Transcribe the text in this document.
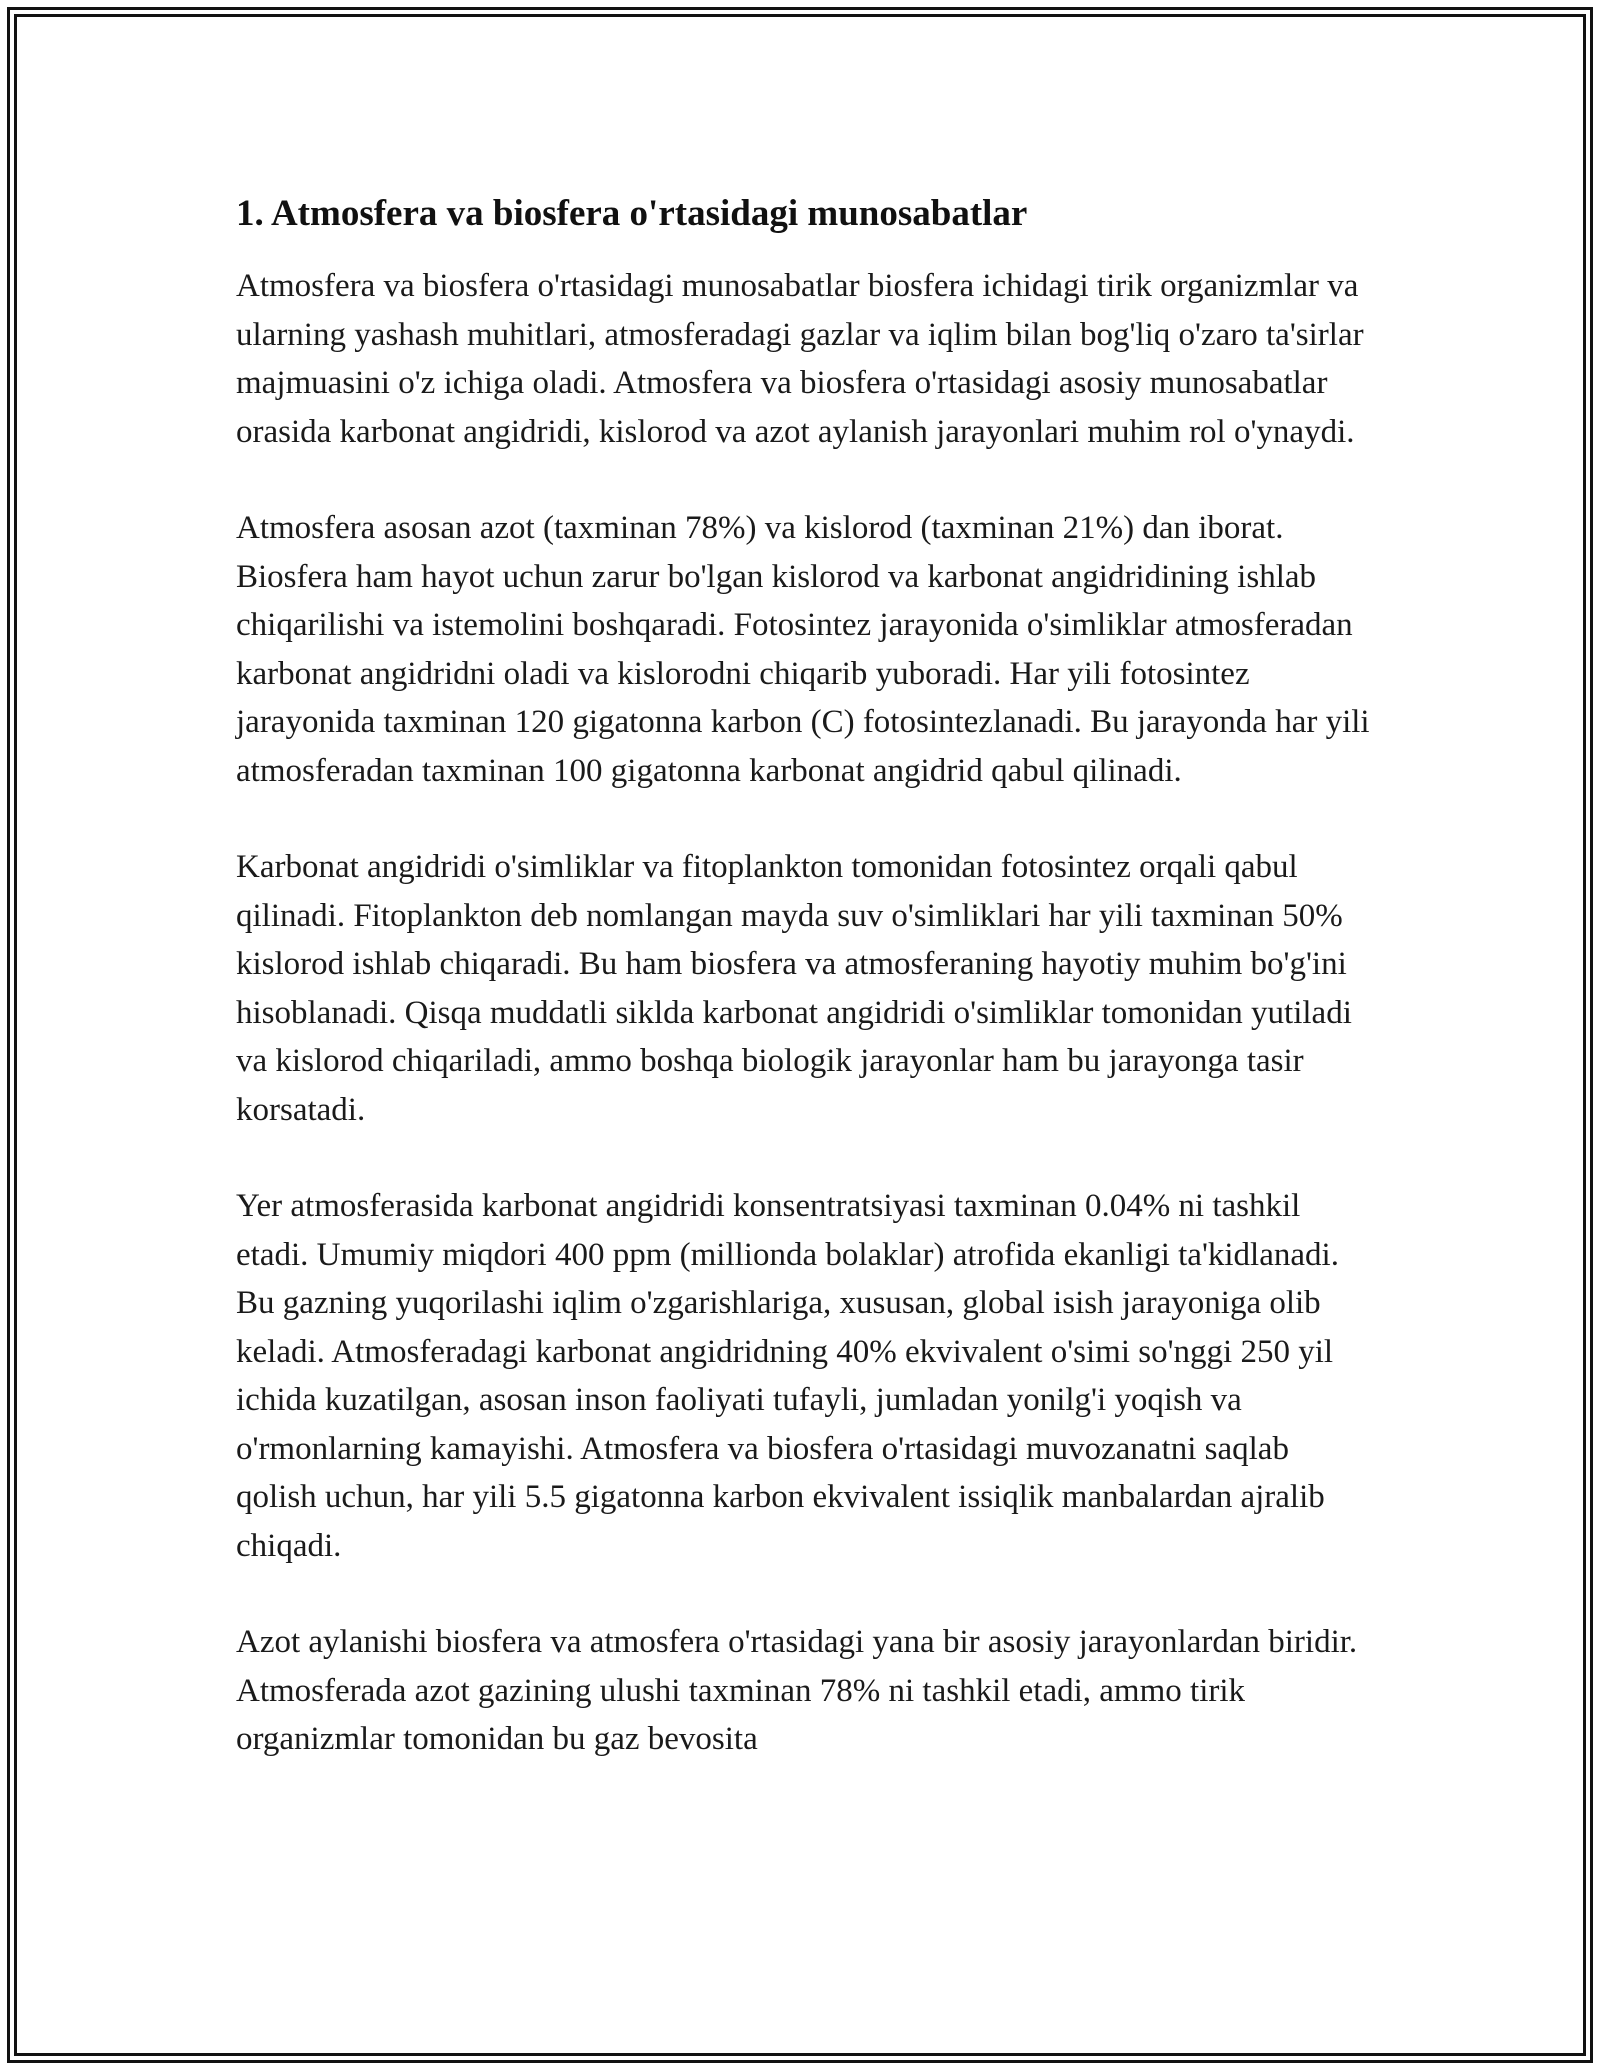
1. Atmosfera va biosfera o'rtasidagi munosabatlar

Atmosfera va biosfera o'rtasidagi munosabatlar biosfera ichidagi tirik organizmlar va ularning yashash muhitlari, atmosferadagi gazlar va iqlim bilan bog'liq o'zaro ta'sirlar majmuasini o'z ichiga oladi. Atmosfera va biosfera o'rtasidagi asosiy munosabatlar orasida karbonat angidridi, kislorod va azot aylanish jarayonlari muhim rol o'ynaydi.

Atmosfera asosan azot (taxminan 78%) va kislorod (taxminan 21%) dan iborat. Biosfera ham hayot uchun zarur bo'lgan kislorod va karbonat angidridining ishlab chiqarilishi va istemolini boshqaradi. Fotosintez jarayonida o'simliklar atmosferadan karbonat angidridni oladi va kislorodni chiqarib yuboradi. Har yili fotosintez jarayonida taxminan 120 gigatonna karbon (C) fotosintezlanadi. Bu jarayonda har yili atmosferadan taxminan 100 gigatonna karbonat angidrid qabul qilinadi.

Karbonat angidridi o'simliklar va fitoplankton tomonidan fotosintez orqali qabul qilinadi. Fitoplankton deb nomlangan mayda suv o'simliklari har yili taxminan 50% kislorod ishlab chiqaradi. Bu ham biosfera va atmosferaning hayotiy muhim bo'g'ini hisoblanadi. Qisqa muddatli siklda karbonat angidridi o'simliklar tomonidan yutiladi va kislorod chiqariladi, ammo boshqa biologik jarayonlar ham bu jarayonga tasir korsatadi.

Yer atmosferasida karbonat angidridi konsentratsiyasi taxminan 0.04% ni tashkil etadi. Umumiy miqdori 400 ppm (millionda bolaklar) atrofida ekanligi ta'kidlanadi. Bu gazning yuqorilashi iqlim o'zgarishlariga, xususan, global isish jarayoniga olib keladi. Atmosferadagi karbonat angidridning 40% ekvivalent o'simi so'nggi 250 yil ichida kuzatilgan, asosan inson faoliyati tufayli, jumladan yonilg'i yoqish va o'rmonlarning kamayishi. Atmosfera va biosfera o'rtasidagi muvozanatni saqlab qolish uchun, har yili 5.5 gigatonna karbon ekvivalent issiqlik manbalardan ajralib chiqadi.

Azot aylanishi biosfera va atmosfera o'rtasidagi yana bir asosiy jarayonlardan biridir. Atmosferada azot gazining ulushi taxminan 78% ni tashkil etadi, ammo tirik organizmlar tomonidan bu gaz bevosita
